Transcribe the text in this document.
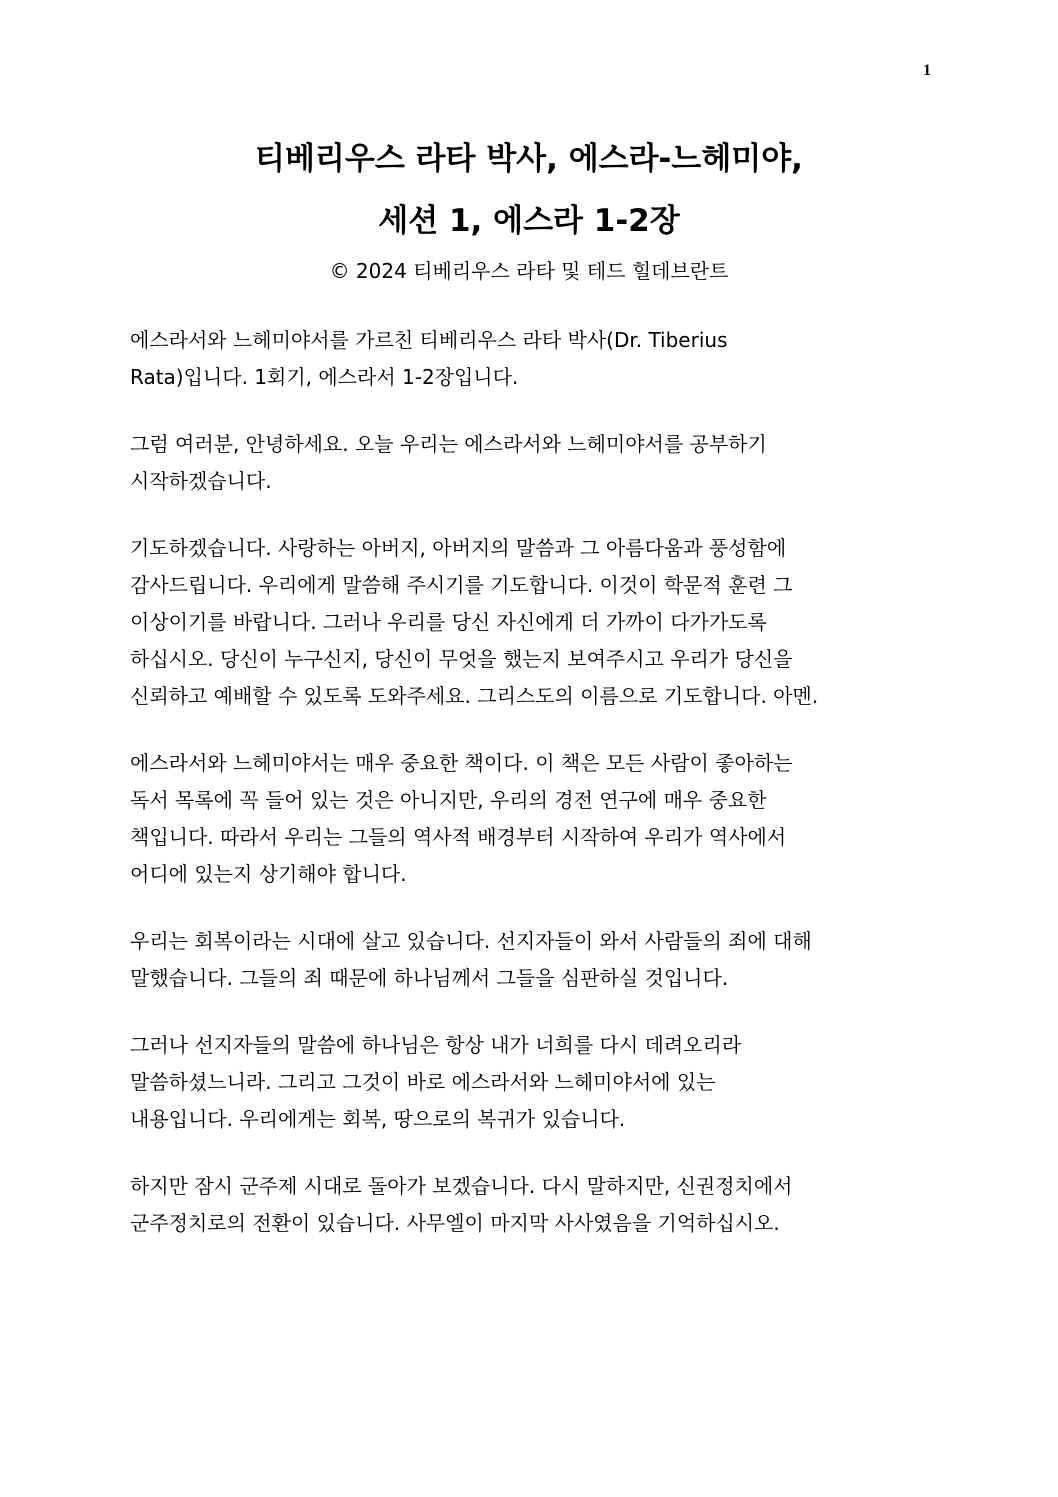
1
티베리우스 라타 박사, 에스라-느헤미야,
세션 1, 에스라 1-2장
© 2024 티베리우스 라타 및 테드 힐데브란트

에스라서와 느헤미야서를 가르친 티베리우스 라타 박사(Dr. Tiberius
Rata)입니다. 1회기, 에스라서 1-2장입니다.

그럼 여러분, 안녕하세요. 오늘 우리는 에스라서와 느헤미야서를 공부하기
시작하겠습니다.

기도하겠습니다. 사랑하는 아버지, 아버지의 말씀과 그 아름다움과 풍성함에
감사드립니다. 우리에게 말씀해 주시기를 기도합니다. 이것이 학문적 훈련 그
이상이기를 바랍니다. 그러나 우리를 당신 자신에게 더 가까이 다가가도록
하십시오. 당신이 누구신지, 당신이 무엇을 했는지 보여주시고 우리가 당신을
신뢰하고 예배할 수 있도록 도와주세요. 그리스도의 이름으로 기도합니다. 아멘.

에스라서와 느헤미야서는 매우 중요한 책이다. 이 책은 모든 사람이 좋아하는
독서 목록에 꼭 들어 있는 것은 아니지만, 우리의 경전 연구에 매우 중요한
책입니다. 따라서 우리는 그들의 역사적 배경부터 시작하여 우리가 역사에서
어디에 있는지 상기해야 합니다.

우리는 회복이라는 시대에 살고 있습니다. 선지자들이 와서 사람들의 죄에 대해
말했습니다. 그들의 죄 때문에 하나님께서 그들을 심판하실 것입니다.

그러나 선지자들의 말씀에 하나님은 항상 내가 너희를 다시 데려오리라
말씀하셨느니라. 그리고 그것이 바로 에스라서와 느헤미야서에 있는
내용입니다. 우리에게는 회복, 땅으로의 복귀가 있습니다.

하지만 잠시 군주제 시대로 돌아가 보겠습니다. 다시 말하지만, 신권정치에서
군주정치로의 전환이 있습니다. 사무엘이 마지막 사사였음을 기억하십시오.
